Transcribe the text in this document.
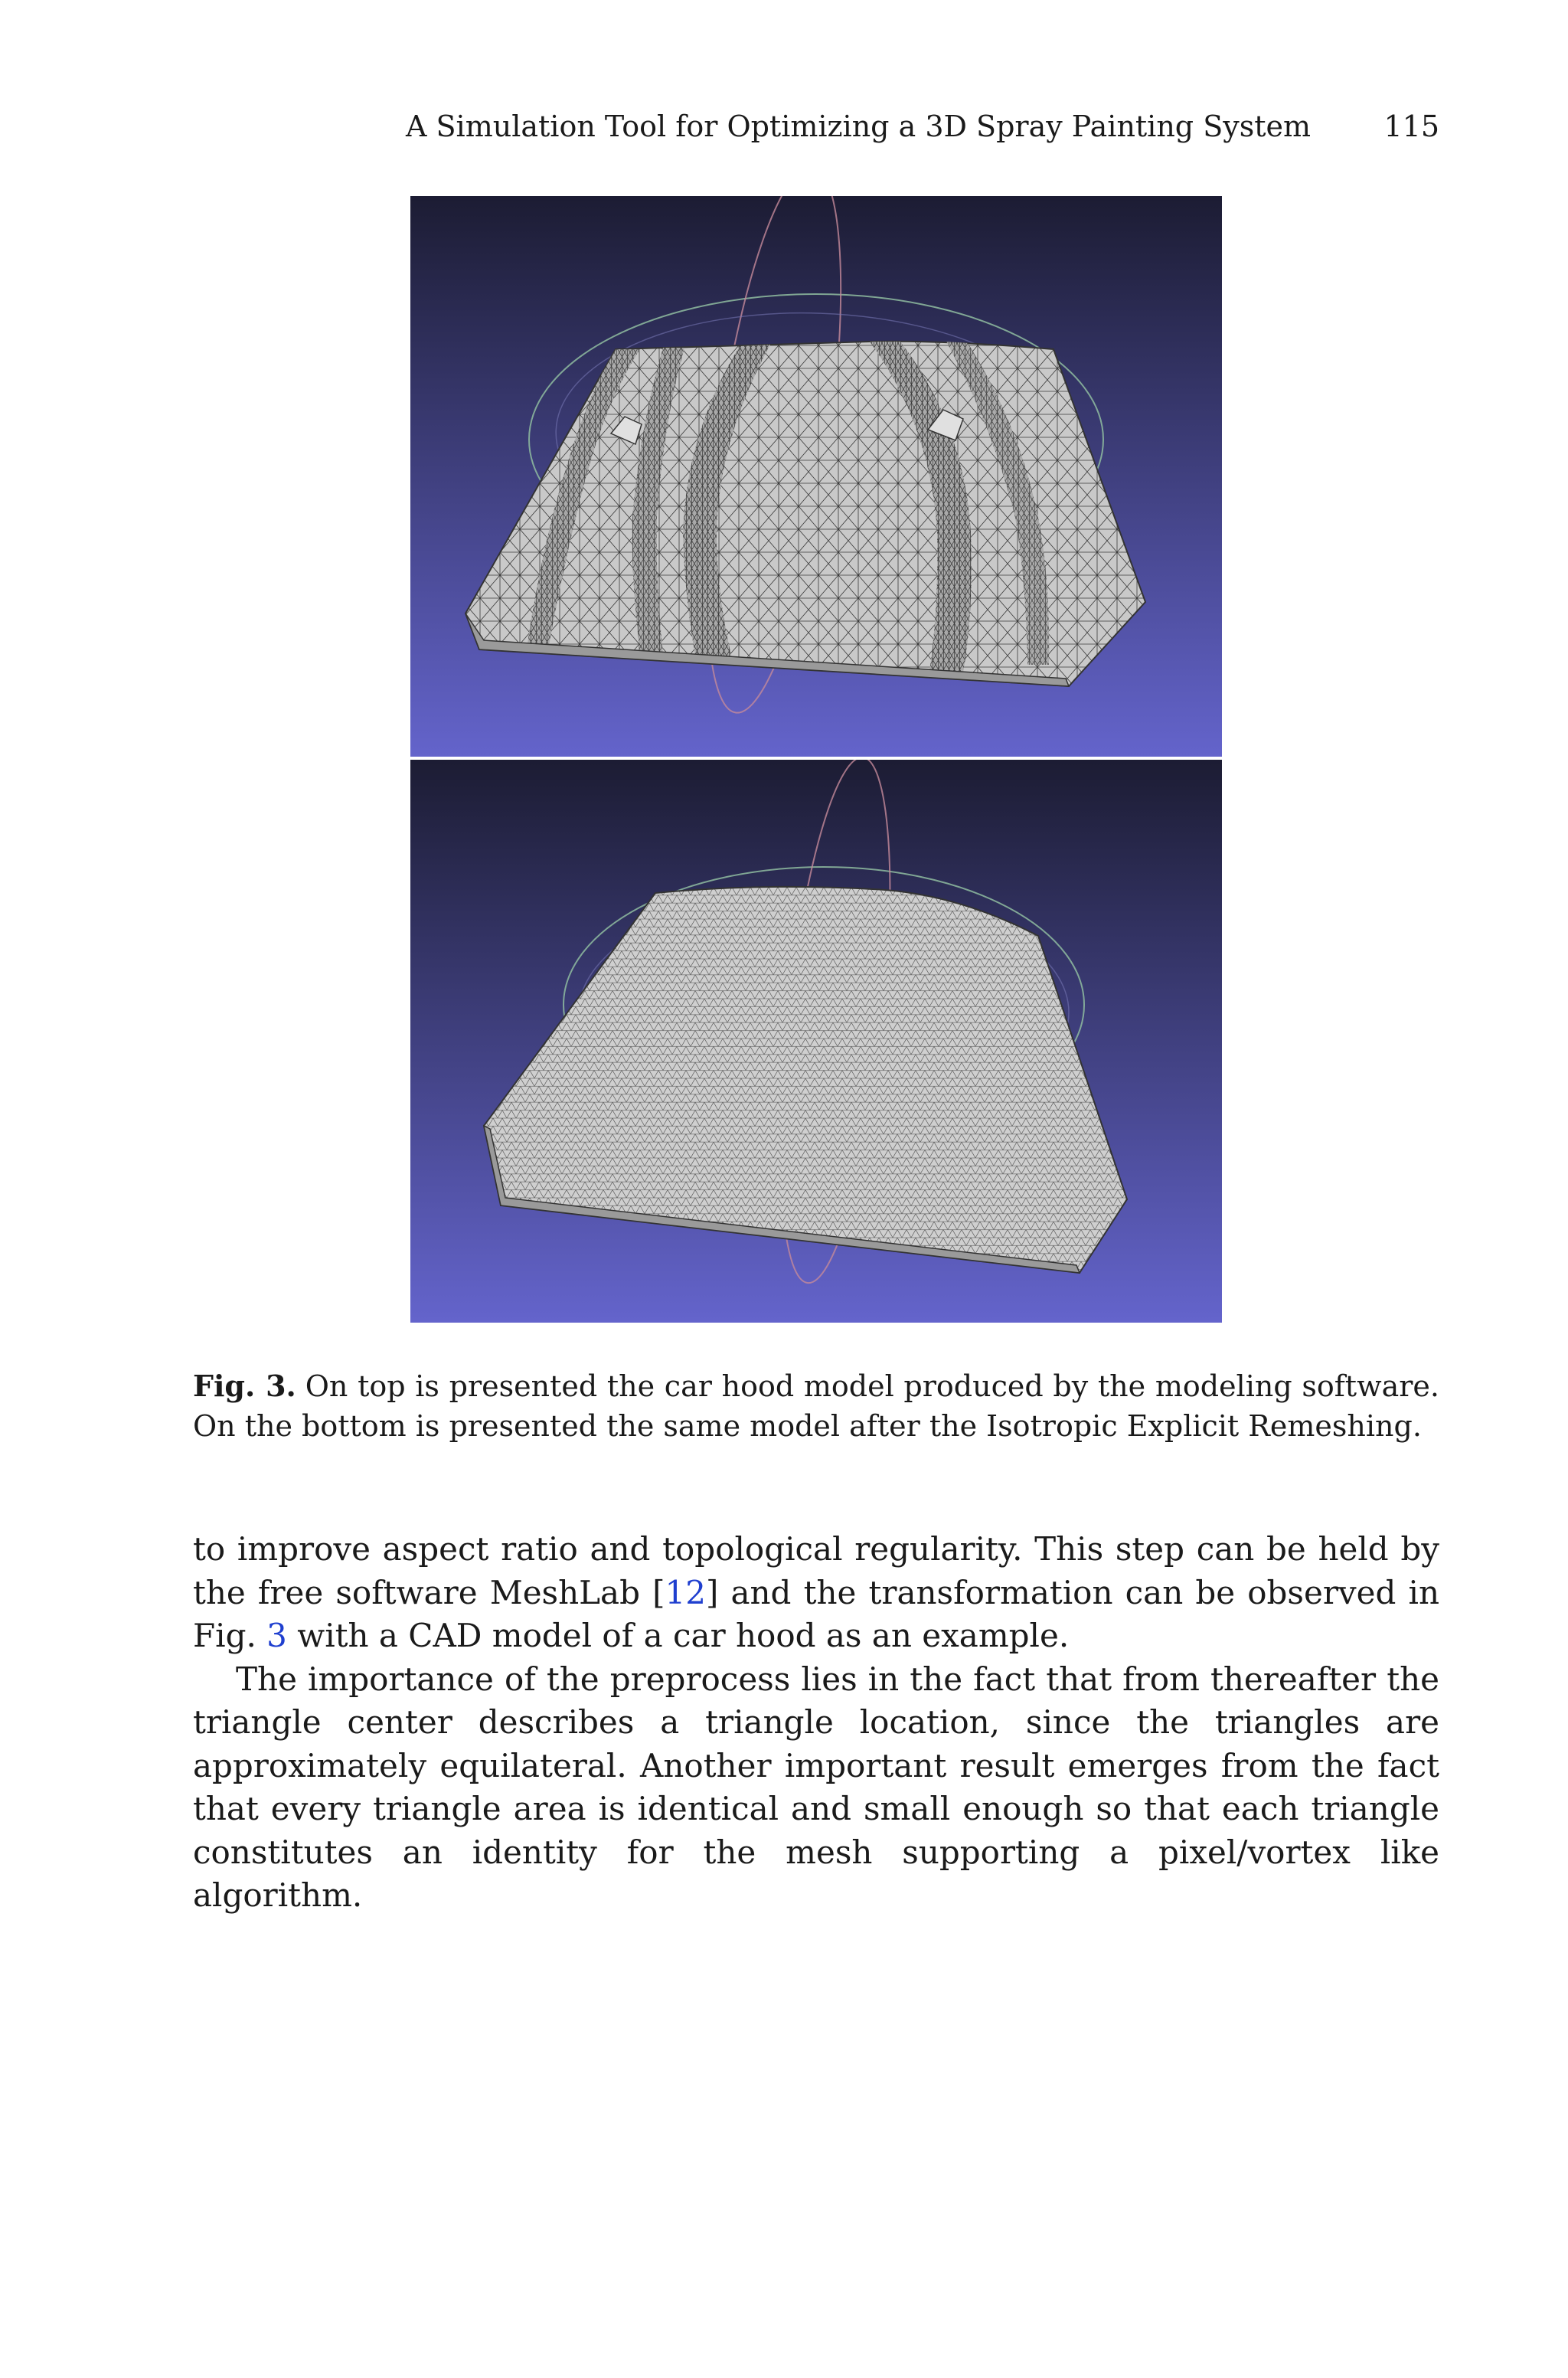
A Simulation Tool for Optimizing a 3D Spray Painting System	115
Fig. 3. On top is presented the car hood model produced by the modeling software. On the bottom is presented the same model after the Isotropic Explicit Remeshing.

to improve aspect ratio and topological regularity. This step can be held by the free software MeshLab [12] and the transformation can be observed in Fig. 3 with a CAD model of a car hood as an example.

The importance of the preprocess lies in the fact that from thereafter the triangle center describes a triangle location, since the triangles are approximately equilateral. Another important result emerges from the fact that every triangle area is identical and small enough so that each triangle constitutes an identity for the mesh supporting a pixel/vortex like algorithm.
